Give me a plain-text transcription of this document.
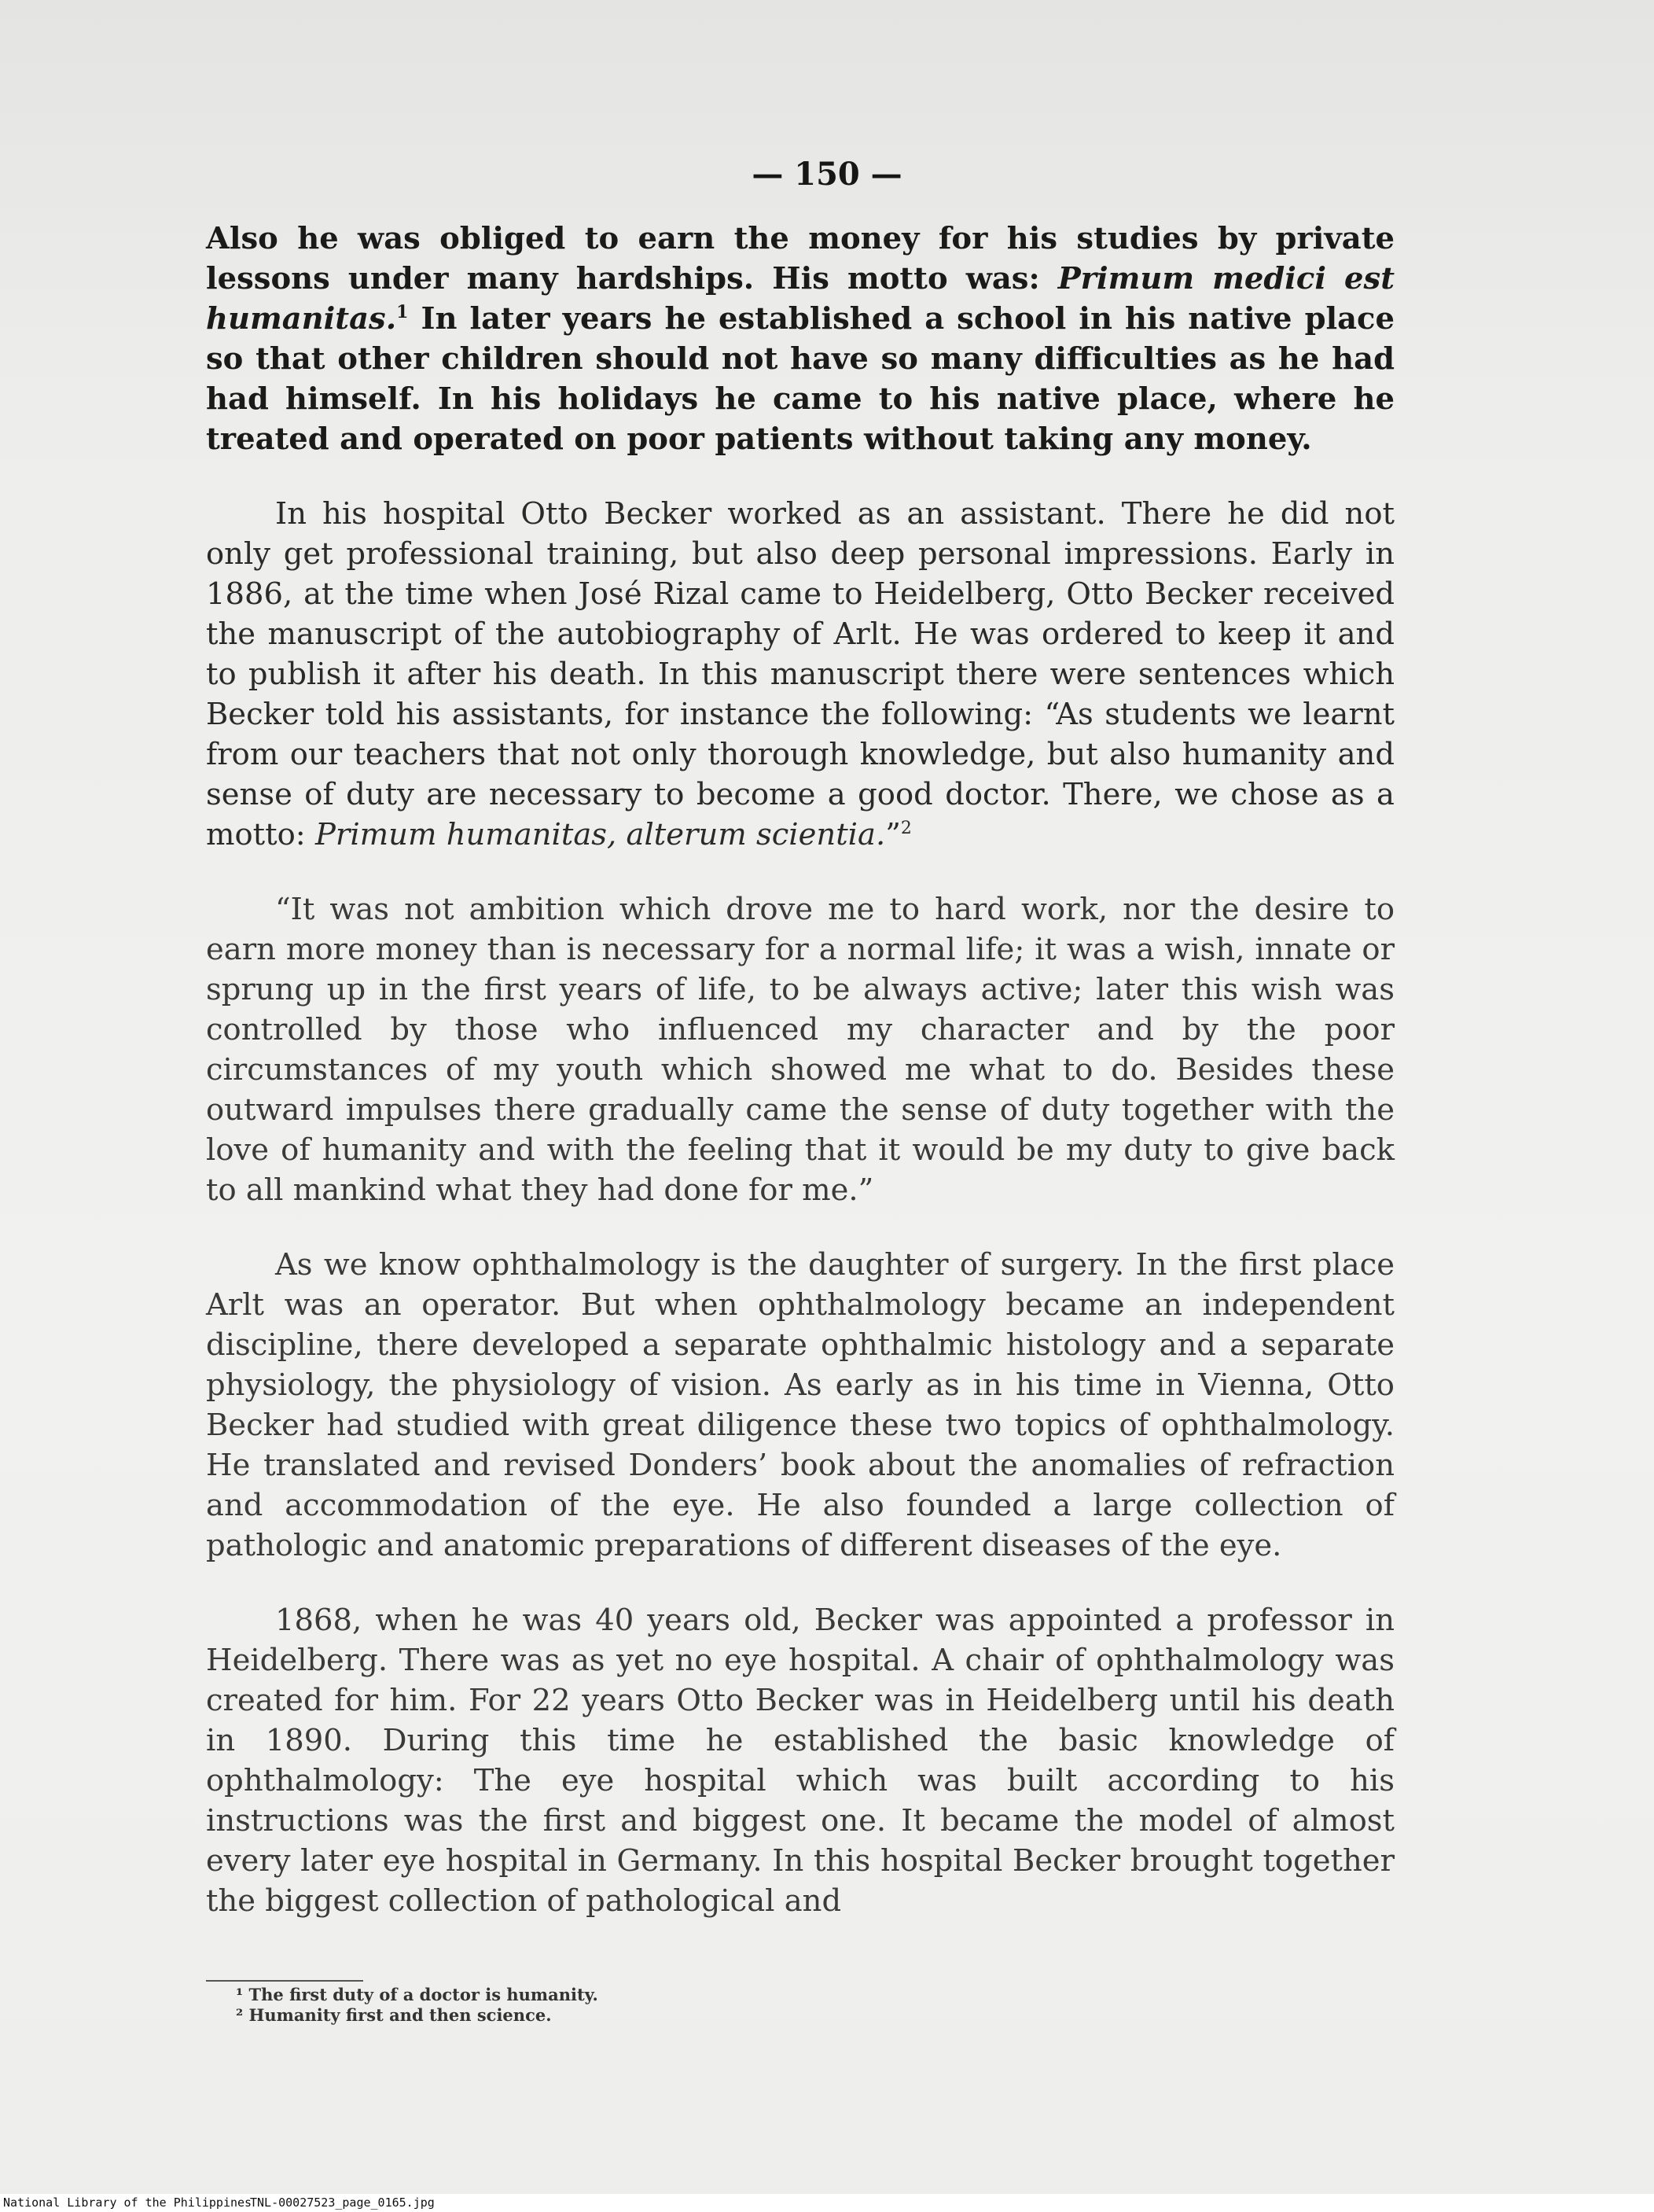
— 150 —

Also he was obliged to earn the money for his studies by private lessons under many hardships. His motto was: Primum medici est humanitas.$^1$ In later years he established a school in his native place so that other children should not have so many difficulties as he had had himself. In his holidays he came to his native place, where he treated and operated on poor patients without taking any money.

In his hospital Otto Becker worked as an assistant. There he did not only get professional training, but also deep personal impressions. Early in 1886, at the time when José Rizal came to Heidelberg, Otto Becker received the manuscript of the autobiography of Arlt. He was ordered to keep it and to publish it after his death. In this manuscript there were sentences which Becker told his assistants, for instance the following: “As students we learnt from our teachers that not only thorough knowledge, but also humanity and sense of duty are necessary to become a good doctor. There, we chose as a motto: Primum humanitas, alterum scientia.”$^2$

“It was not ambition which drove me to hard work, nor the desire to earn more money than is necessary for a normal life; it was a wish, innate or sprung up in the first years of life, to be always active; later this wish was controlled by those who influenced my character and by the poor circumstances of my youth which showed me what to do. Besides these outward impulses there gradually came the sense of duty together with the love of humanity and with the feeling that it would be my duty to give back to all mankind what they had done for me.”

As we know ophthalmology is the daughter of surgery. In the first place Arlt was an operator. But when ophthalmology became an independent discipline, there developed a separate ophthalmic histology and a separate physiology, the physiology of vision. As early as in his time in Vienna, Otto Becker had studied with great diligence these two topics of ophthalmology. He translated and revised Donders’ book about the anomalies of refraction and accommodation of the eye. He also founded a large collection of pathologic and anatomic preparations of different diseases of the eye.

1868, when he was 40 years old, Becker was appointed a professor in Heidelberg. There was as yet no eye hospital. A chair of ophthalmology was created for him. For 22 years Otto Becker was in Heidelberg until his death in 1890. During this time he established the basic knowledge of ophthalmology: The eye hospital which was built according to his instructions was the first and biggest one. It became the model of almost every later eye hospital in Germany. In this hospital Becker brought together the biggest collection of pathological and

¹ The first duty of a doctor is humanity.
² Humanity first and then science.
National Library of the Philippines
TNL-00027523_page_0165.jpg
